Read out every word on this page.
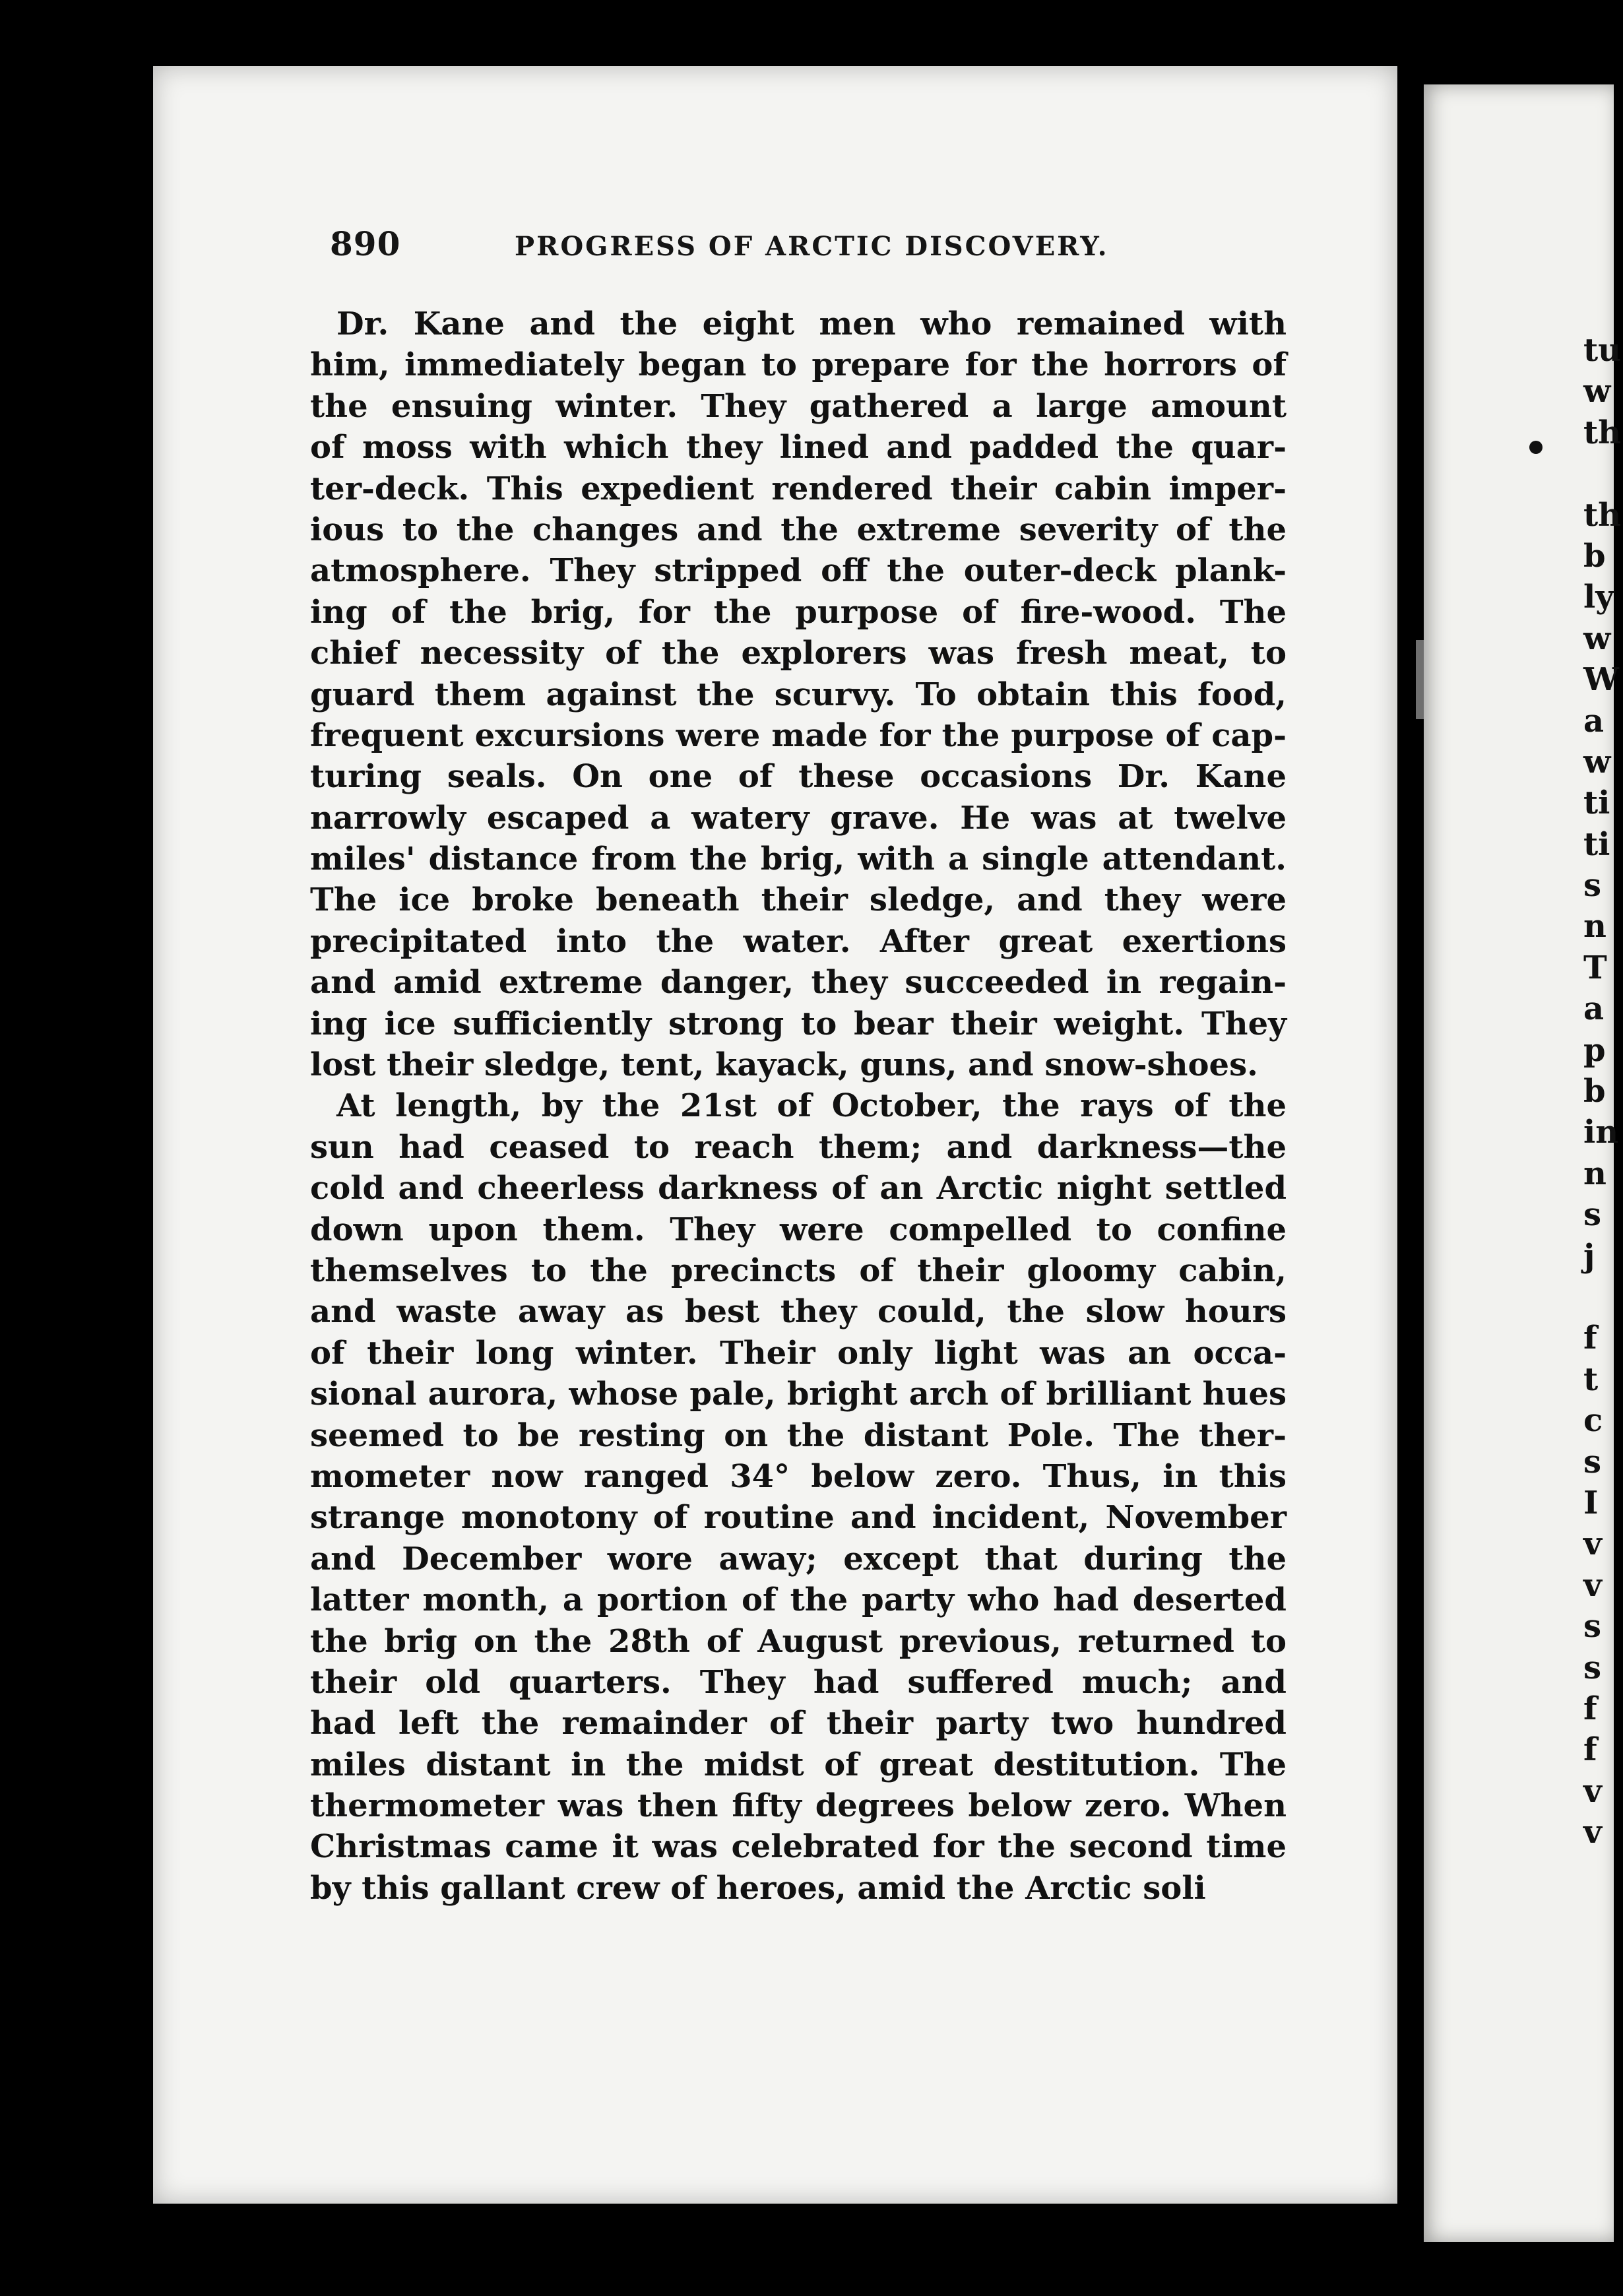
890	PROGRESS OF ARCTIC DISCOVERY.
Dr. Kane and the eight men who remained with
him, immediately began to prepare for the horrors of
the ensuing winter. They gathered a large amount
of moss with which they lined and padded the quar-
ter-deck. This expedient rendered their cabin imper-
ious to the changes and the extreme severity of the
atmosphere. They stripped off the outer-deck plank-
ing of the brig, for the purpose of fire-wood. The
chief necessity of the explorers was fresh meat, to
guard them against the scurvy. To obtain this food,
frequent excursions were made for the purpose of cap-
turing seals. On one of these occasions Dr. Kane
narrowly escaped a watery grave. He was at twelve
miles' distance from the brig, with a single attendant.
The ice broke beneath their sledge, and they were
precipitated into the water. After great exertions
and amid extreme danger, they succeeded in regain-
ing ice sufficiently strong to bear their weight. They
lost their sledge, tent, kayack, guns, and snow-shoes.
At length, by the 21st of October, the rays of the
sun had ceased to reach them; and darkness—the
cold and cheerless darkness of an Arctic night settled
down upon them. They were compelled to confine
themselves to the precincts of their gloomy cabin,
and waste away as best they could, the slow hours
of their long winter. Their only light was an occa-
sional aurora, whose pale, bright arch of brilliant hues
seemed to be resting on the distant Pole. The ther-
mometer now ranged 34° below zero. Thus, in this
strange monotony of routine and incident, November
and December wore away; except that during the
latter month, a portion of the party who had deserted
the brig on the 28th of August previous, returned to
their old quarters. They had suffered much; and
had left the remainder of their party two hundred
miles distant in the midst of great destitution. The
thermometer was then fifty degrees below zero. When
Christmas came it was celebrated for the second time
by this gallant crew of heroes, amid the Arctic soli
tu
w
th
th
b
ly
w
W
a
w
ti
ti
s
n
T
a
p
b
in
n
s
j
f
t
c
s
I
v
v
s
s
f
f
v
v
